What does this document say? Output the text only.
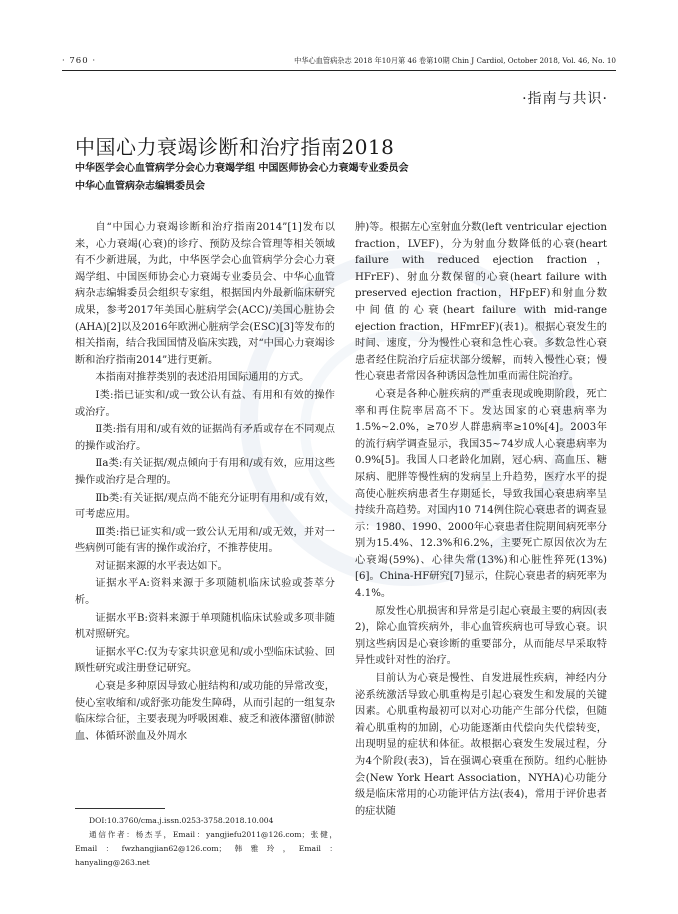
· 760 ·	中华心血管病杂志 2018 年10月第 46 卷第10期 Chin J Cardiol, October 2018, Vol. 46, No. 10
·指南与共识·
中国心力衰竭诊断和治疗指南2018
中华医学会心血管病学分会心力衰竭学组 中国医师协会心力衰竭专业委员会
中华心血管病杂志编辑委员会

自“中国心力衰竭诊断和治疗指南2014”[1]发布以来，心力衰竭(心衰)的诊疗、预防及综合管理等相关领域有不少新进展，为此，中华医学会心血管病学分会心力衰竭学组、中国医师协会心力衰竭专业委员会、中华心血管病杂志编辑委员会组织专家组，根据国内外最新临床研究成果，参考2017年美国心脏病学会(ACC)/美国心脏协会(AHA)[2]以及2016年欧洲心脏病学会(ESC)[3]等发布的相关指南，结合我国国情及临床实践，对“中国心力衰竭诊断和治疗指南2014”进行更新。

本指南对推荐类别的表述沿用国际通用的方式。

Ⅰ类:指已证实和/或一致公认有益、有用和有效的操作或治疗。

Ⅱ类:指有用和/或有效的证据尚有矛盾或存在不同观点的操作或治疗。

Ⅱa类:有关证据/观点倾向于有用和/或有效，应用这些操作或治疗是合理的。

Ⅱb类:有关证据/观点尚不能充分证明有用和/或有效，可考虑应用。

Ⅲ类:指已证实和/或一致公认无用和/或无效，并对一些病例可能有害的操作或治疗，不推荐使用。

对证据来源的水平表达如下。

证据水平A:资料来源于多项随机临床试验或荟萃分析。

证据水平B:资料来源于单项随机临床试验或多项非随机对照研究。

证据水平C:仅为专家共识意见和/或小型临床试验、回顾性研究或注册登记研究。

心衰是多种原因导致心脏结构和/或功能的异常改变，使心室收缩和/或舒张功能发生障碍，从而引起的一组复杂临床综合征，主要表现为呼吸困难、疲乏和液体潴留(肺淤血、体循环淤血及外周水

肿)等。根据左心室射血分数(left ventricular ejection fraction，LVEF)，分为射血分数降低的心衰(heart failure with reduced ejection fraction，HFrEF)、射血分数保留的心衰(heart failure with preserved ejection fraction，HFpEF)和射血分数中间值的心衰(heart failure with mid-range ejection fraction，HFmrEF)(表1)。根据心衰发生的时间、速度，分为慢性心衰和急性心衰。多数急性心衰患者经住院治疗后症状部分缓解，而转入慢性心衰；慢性心衰患者常因各种诱因急性加重而需住院治疗。

心衰是各种心脏疾病的严重表现或晚期阶段，死亡率和再住院率居高不下。发达国家的心衰患病率为1.5%~2.0%，≥70岁人群患病率≥10%[4]。2003年的流行病学调查显示，我国35~74岁成人心衰患病率为0.9%[5]。我国人口老龄化加剧，冠心病、高血压、糖尿病、肥胖等慢性病的发病呈上升趋势，医疗水平的提高使心脏疾病患者生存期延长，导致我国心衰患病率呈持续升高趋势。对国内10 714例住院心衰患者的调查显示：1980、1990、2000年心衰患者住院期间病死率分别为15.4%、12.3%和6.2%，主要死亡原因依次为左心衰竭(59%)、心律失常(13%)和心脏性猝死(13%)[6]。China-HF研究[7]显示，住院心衰患者的病死率为4.1%。

原发性心肌损害和异常是引起心衰最主要的病因(表2)，除心血管疾病外，非心血管疾病也可导致心衰。识别这些病因是心衰诊断的重要部分，从而能尽早采取特异性或针对性的治疗。

目前认为心衰是慢性、自发进展性疾病，神经内分泌系统激活导致心肌重构是引起心衰发生和发展的关键因素。心肌重构最初可以对心功能产生部分代偿，但随着心肌重构的加剧，心功能逐渐由代偿向失代偿转变，出现明显的症状和体征。故根据心衰发生发展过程，分为4个阶段(表3)，旨在强调心衰重在预防。纽约心脏协会(New York Heart Association，NYHA)心功能分级是临床常用的心功能评估方法(表4)，常用于评价患者的症状随

DOI:10.3760/cma.j.issn.0253-3758.2018.10.004
通信作者：杨杰孚，Email：yangjiefu2011@126.com；张健，Email：fwzhangjian62@126.com；韩雅玲，Email：hanyaling@263.net
